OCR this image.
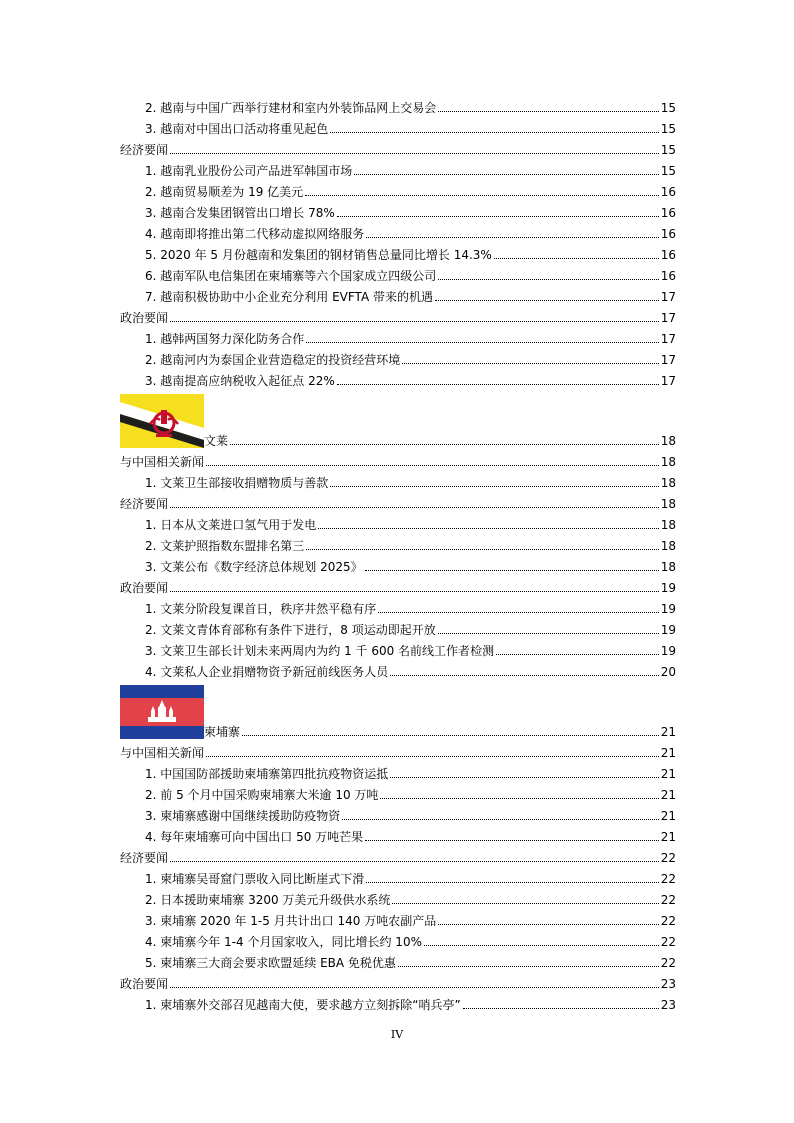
2. 越南与中国广西举行建材和室内外装饰品网上交易会	15
3. 越南对中国出口活动将重见起色	15
经济要闻	15
1. 越南乳业股份公司产品进军韩国市场	15
2. 越南贸易顺差为 19 亿美元	16
3. 越南合发集团钢管出口增长 78%	16
4. 越南即将推出第二代移动虚拟网络服务	16
5. 2020 年 5 月份越南和发集团的钢材销售总量同比增长 14.3%	16
6. 越南军队电信集团在柬埔寨等六个国家成立四级公司	16
7. 越南积极协助中小企业充分利用 EVFTA 带来的机遇	17
政治要闻	17
1. 越韩两国努力深化防务合作	17
2. 越南河内为泰国企业营造稳定的投资经营环境	17
3. 越南提高应纳税收入起征点 22%	17
文莱	18
与中国相关新闻	18
1. 文莱卫生部接收捐赠物质与善款	18
经济要闻	18
1. 日本从文莱进口氢气用于发电	18
2. 文莱护照指数东盟排名第三	18
3. 文莱公布《数字经济总体规划 2025》	18
政治要闻	19
1. 文莱分阶段复课首日，秩序井然平稳有序	19
2. 文莱文青体育部称有条件下进行，8 项运动即起开放	19
3. 文莱卫生部长计划未来两周内为约 1 千 600 名前线工作者检测	19
4. 文莱私人企业捐赠物资予新冠前线医务人员	20
柬埔寨	21
与中国相关新闻	21
1. 中国国防部援助柬埔寨第四批抗疫物资运抵	21
2. 前 5 个月中国采购柬埔寨大米逾 10 万吨	21
3. 柬埔寨感谢中国继续援助防疫物资	21
4. 每年柬埔寨可向中国出口 50 万吨芒果	21
经济要闻	22
1. 柬埔寨吴哥窟门票收入同比断崖式下滑	22
2. 日本援助柬埔寨 3200 万美元升级供水系统	22
3. 柬埔寨 2020 年 1-5 月共计出口 140 万吨农副产品	22
4. 柬埔寨今年 1-4 个月国家收入，同比增长约 10%	22
5. 柬埔寨三大商会要求欧盟延续 EBA 免税优惠	22
政治要闻	23
1. 柬埔寨外交部召见越南大使，要求越方立刻拆除“哨兵亭”	23
IV
